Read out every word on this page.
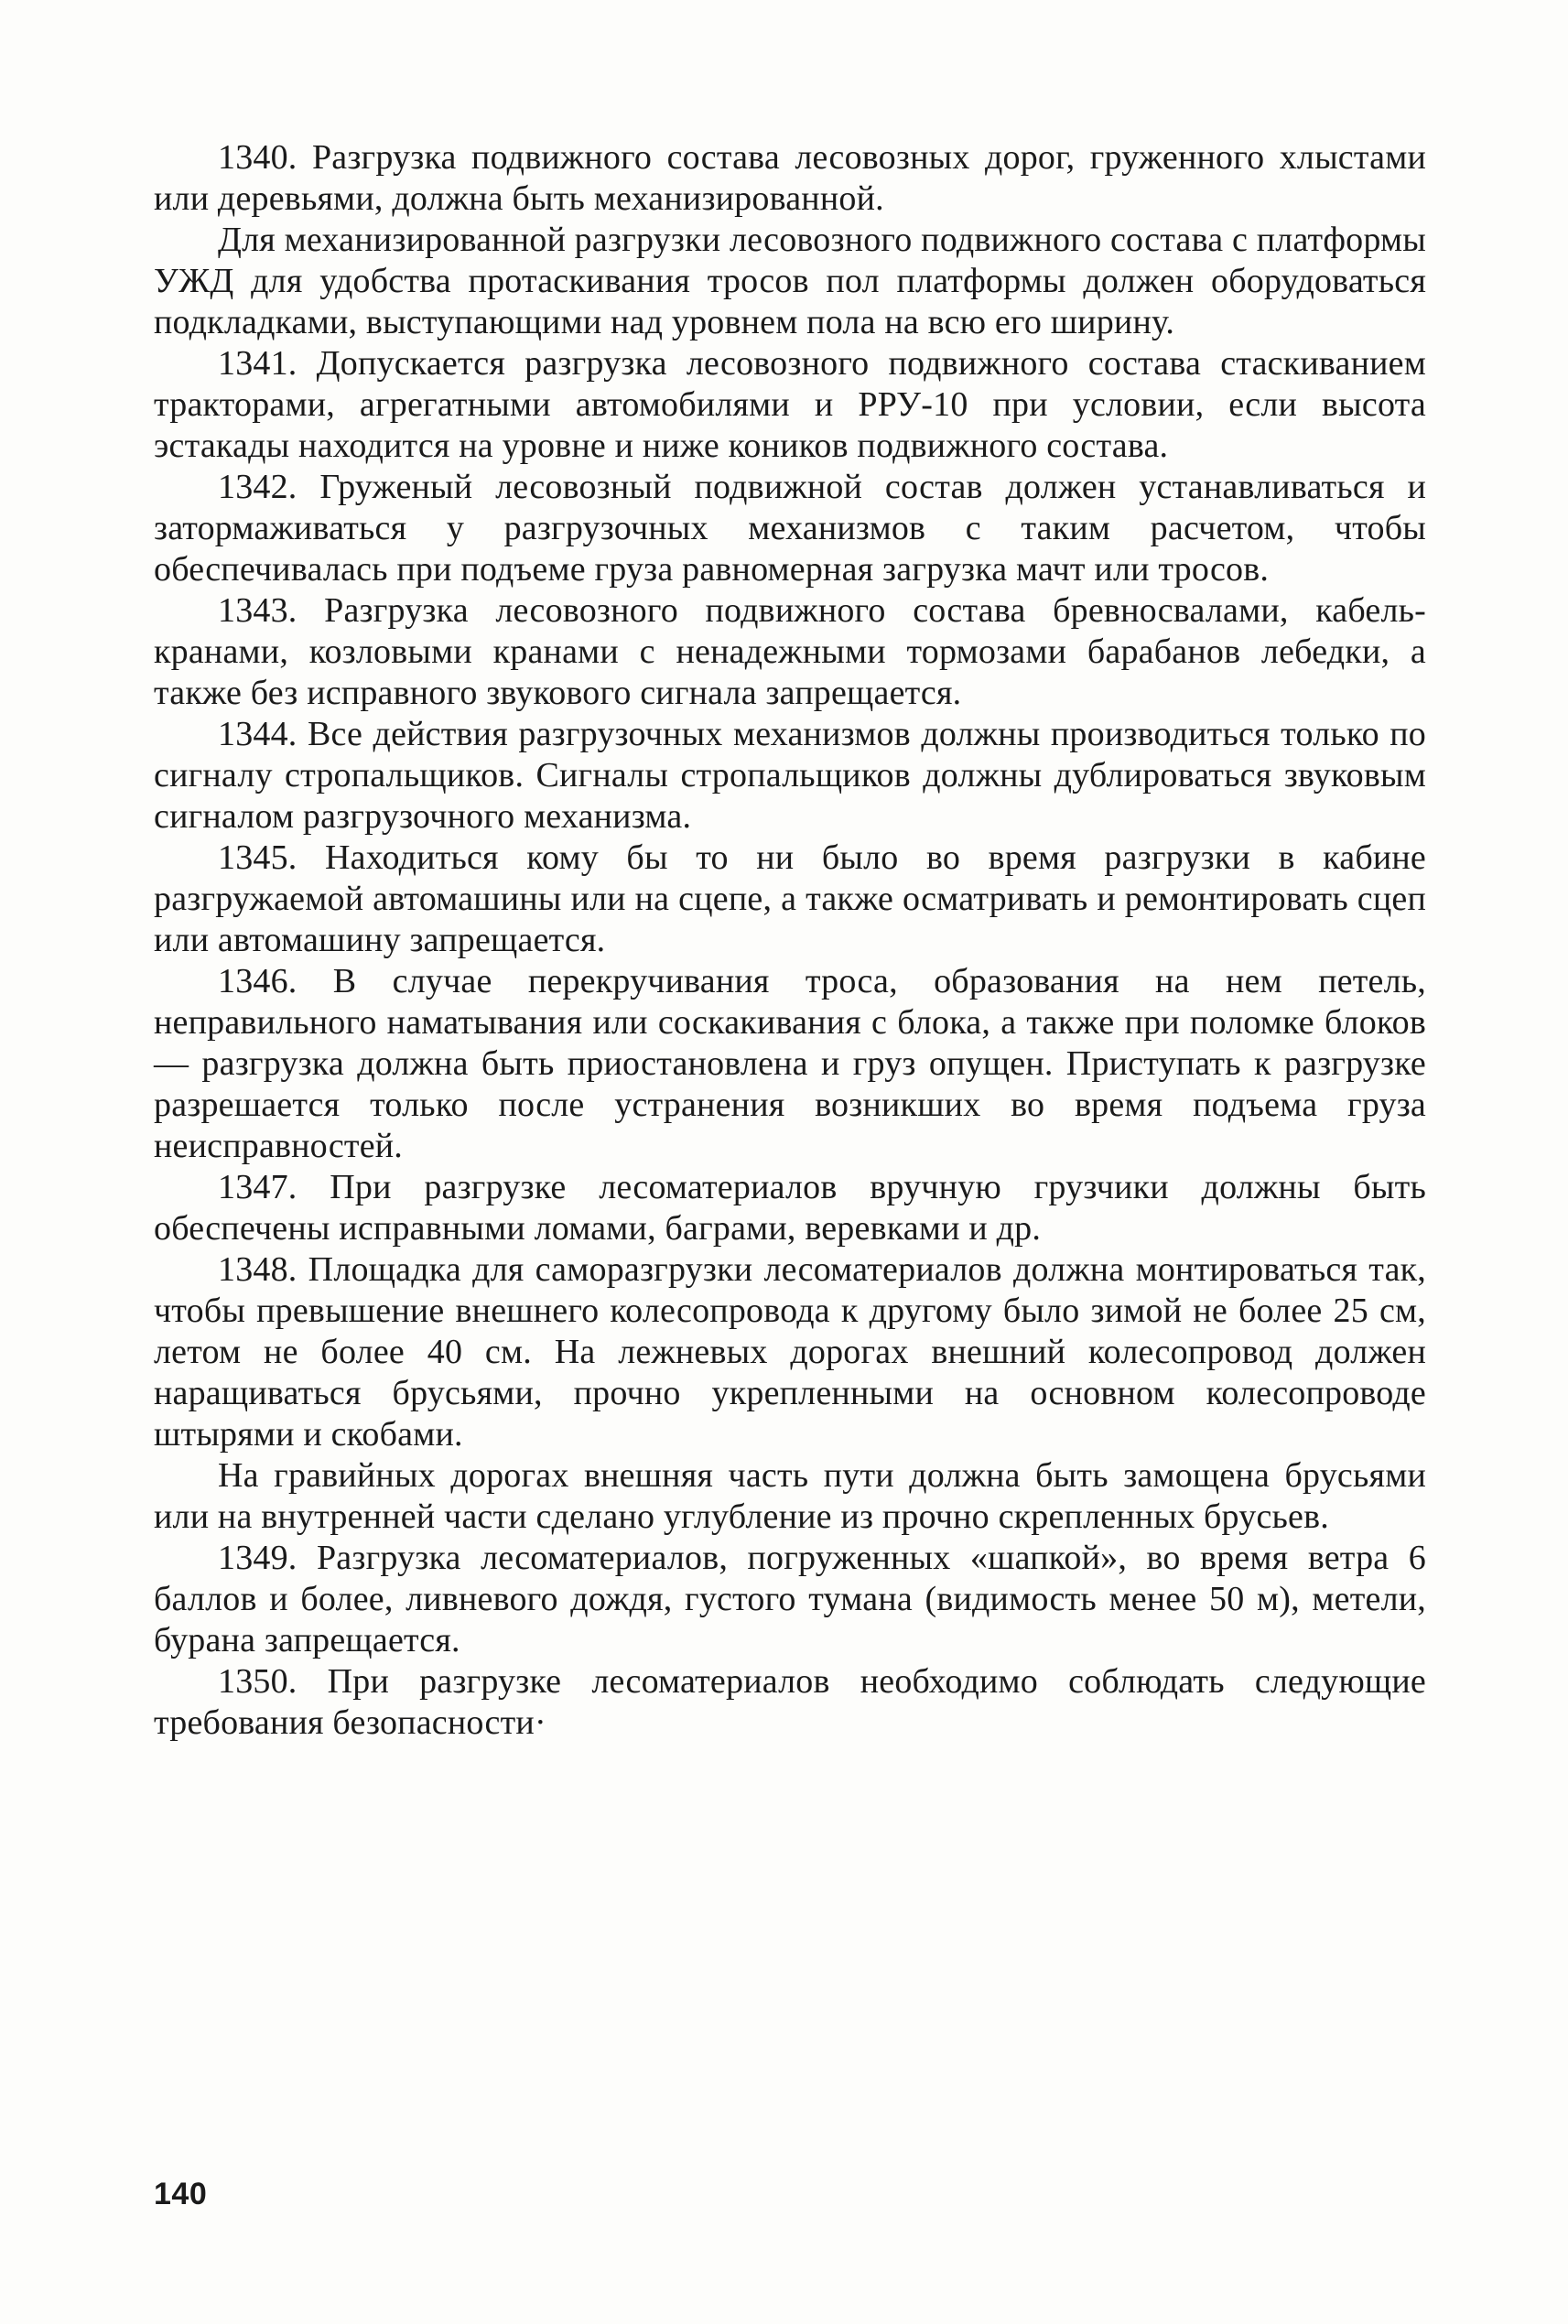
1340. Разгрузка подвижного состава лесовозных дорог, груженного хлыстами или деревьями, должна быть механизированной.

Для механизированной разгрузки лесовозного подвижного состава с платформы УЖД для удобства протаскивания тросов пол платформы должен оборудоваться подкладками, выступающими над уровнем пола на всю его ширину.

1341. Допускается разгрузка лесовозного подвижного состава стаскиванием тракторами, агрегатными автомобилями и РРУ-10 при условии, если высота эстакады находится на уровне и ниже коников подвижного состава.

1342. Груженый лесовозный подвижной состав должен устанавливаться и затормаживаться у разгрузочных механизмов с таким расчетом, чтобы обеспечивалась при подъеме груза равномерная загрузка мачт или тросов.

1343. Разгрузка лесовозного подвижного состава бревносвалами, кабель-кранами, козловыми кранами с ненадежными тормозами барабанов лебедки, а также без исправного звукового сигнала запрещается.

1344. Все действия разгрузочных механизмов должны производиться только по сигналу стропальщиков. Сигналы стропальщиков должны дублироваться звуковым сигналом разгрузочного механизма.

1345. Находиться кому бы то ни было во время разгрузки в кабине разгружаемой автомашины или на сцепе, а также осматривать и ремонтировать сцеп или автомашину запрещается.

1346. В случае перекручивания троса, образования на нем петель, неправильного наматывания или соскакивания с блока, а также при поломке блоков — разгрузка должна быть приостановлена и груз опущен. Приступать к разгрузке разрешается только после устранения возникших во время подъема груза неисправностей.

1347. При разгрузке лесоматериалов вручную грузчики должны быть обеспечены исправными ломами, баграми, веревками и др.

1348. Площадка для саморазгрузки лесоматериалов должна монтироваться так, чтобы превышение внешнего колесопровода к другому было зимой не более 25 см, летом не более 40 см. На лежневых дорогах внешний колесопровод должен наращиваться брусьями, прочно укрепленными на основном колесопроводе штырями и скобами.

На гравийных дорогах внешняя часть пути должна быть замощена брусьями или на внутренней части сделано углубление из прочно скрепленных брусьев.

1349. Разгрузка лесоматериалов, погруженных «шапкой», во время ветра 6 баллов и более, ливневого дождя, густого тумана (видимость менее 50 м), метели, бурана запрещается.

1350. При разгрузке лесоматериалов необходимо соблюдать следующие требования безопасности·

140
